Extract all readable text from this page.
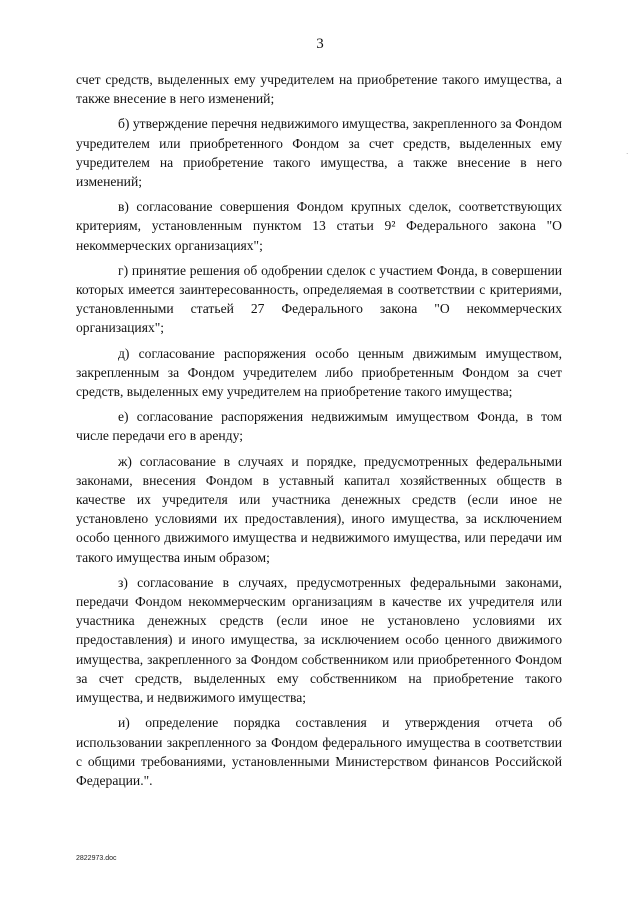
3
·

счет средств, выделенных ему учредителем на приобретение такого имущества, а также внесение в него изменений;

б) утверждение перечня недвижимого имущества, закрепленного за Фондом учредителем или приобретенного Фондом за счет средств, выделенных ему учредителем на приобретение такого имущества, а также внесение в него изменений;

в) согласование совершения Фондом крупных сделок, соответствующих критериям, установленным пунктом 13 статьи 9² Федерального закона "О некоммерческих организациях";

г) принятие решения об одобрении сделок с участием Фонда, в совершении которых имеется заинтересованность, определяемая в соответствии с критериями, установленными статьей 27 Федерального закона "О некоммерческих организациях";

д) согласование распоряжения особо ценным движимым имуществом, закрепленным за Фондом учредителем либо приобретенным Фондом за счет средств, выделенных ему учредителем на приобретение такого имущества;

е) согласование распоряжения недвижимым имуществом Фонда, в том числе передачи его в аренду;

ж) согласование в случаях и порядке, предусмотренных федеральными законами, внесения Фондом в уставный капитал хозяйственных обществ в качестве их учредителя или участника денежных средств (если иное не установлено условиями их предоставления), иного имущества, за исключением особо ценного движимого имущества и недвижимого имущества, или передачи им такого имущества иным образом;

з) согласование в случаях, предусмотренных федеральными законами, передачи Фондом некоммерческим организациям в качестве их учредителя или участника денежных средств (если иное не установлено условиями их предоставления) и иного имущества, за исключением особо ценного движимого имущества, закрепленного за Фондом собственником или приобретенного Фондом за счет средств, выделенных ему собственником на приобретение такого имущества, и недвижимого имущества;

и) определение порядка составления и утверждения отчета об использовании закрепленного за Фондом федерального имущества в соответствии с общими требованиями, установленными Министерством финансов Российской Федерации.".

2822973.doc
